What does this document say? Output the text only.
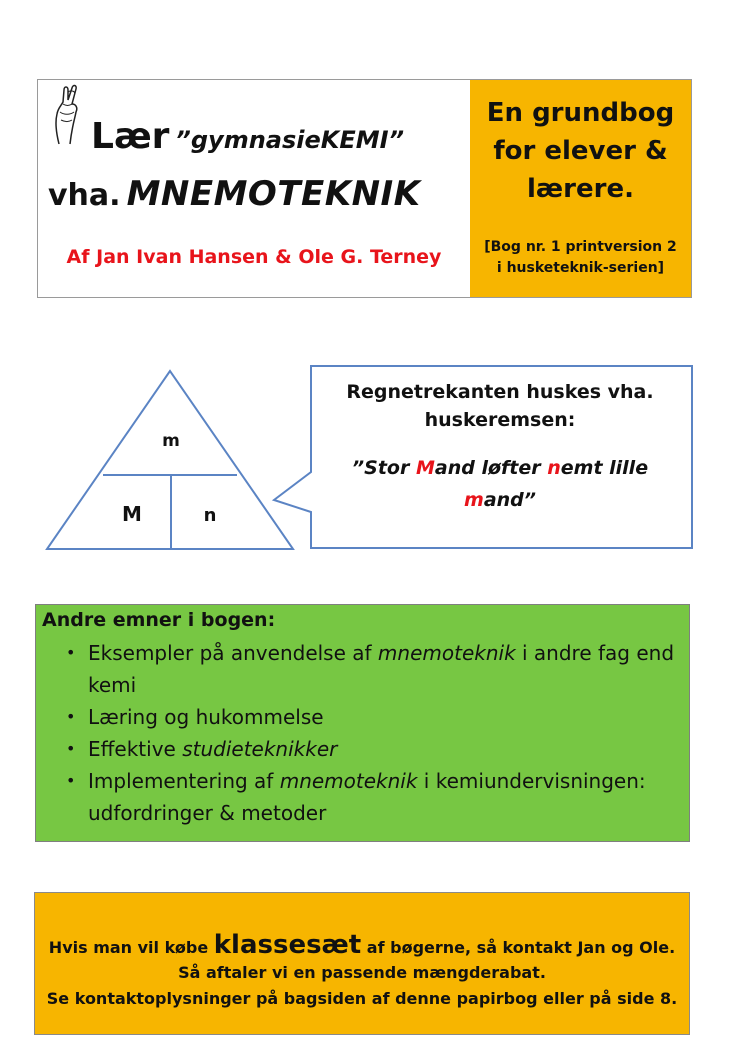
Lær ”gymnasieKEMI”
vha. MNEMOTEKNIK
Af Jan Ivan Hansen & Ole G. Terney
En grundbog
for elever &
lærere.
[Bog nr. 1 printversion 2
i husketeknik-serien]
m
M	n
Regnetrekanten huskes vha.
huskeremsen:
”Stor Mand løfter nemt lille
mand”
Andre emner i bogen:
• Eksempler på anvendelse af mnemoteknik i andre fag end kemi
• Læring og hukommelse
• Effektive studieteknikker
• Implementering af mnemoteknik i kemiundervisningen: udfordringer & metoder
Hvis man vil købe klassesæt af bøgerne, så kontakt Jan og Ole.
Så aftaler vi en passende mængderabat.
Se kontaktoplysninger på bagsiden af denne papirbog eller på side 8.
